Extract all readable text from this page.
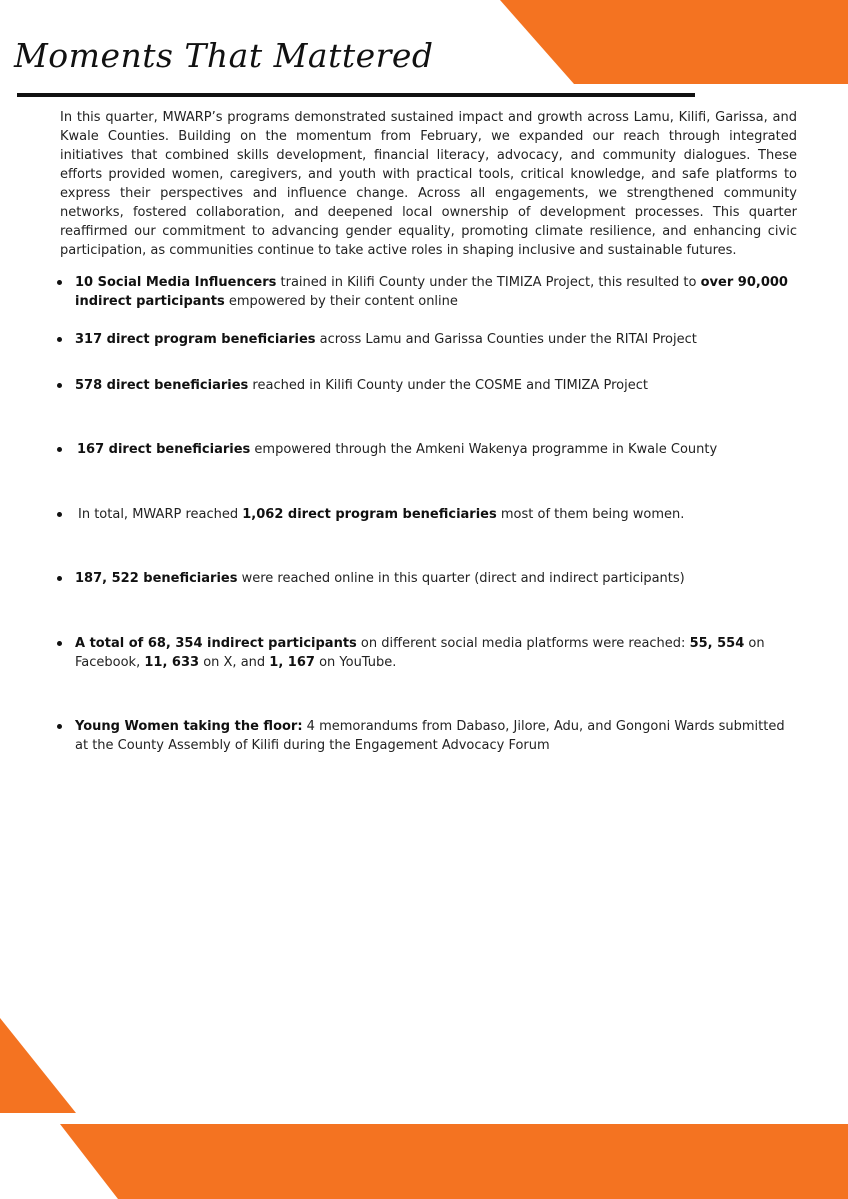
Moments That Mattered

In this quarter, MWARP’s programs demonstrated sustained impact and growth across Lamu, Kilifi, Garissa, and Kwale Counties. Building on the momentum from February, we expanded our reach through integrated initiatives that combined skills development, financial literacy, advocacy, and community dialogues. These efforts provided women, caregivers, and youth with practical tools, critical knowledge, and safe platforms to express their perspectives and influence change. Across all engagements, we strengthened community networks, fostered collaboration, and deepened local ownership of development processes. This quarter reaffirmed our commitment to advancing gender equality, promoting climate resilience, and enhancing civic participation, as communities continue to take active roles in shaping inclusive and sustainable futures.

10 Social Media Influencers trained in Kilifi County under the TIMIZA Project, this resulted to over 90,000 indirect participants empowered by their content online
317 direct program beneficiaries across Lamu and Garissa Counties under the RITAI Project
578 direct beneficiaries reached in Kilifi County under the COSME and TIMIZA Project
167 direct beneficiaries empowered through the Amkeni Wakenya programme in Kwale County
In total, MWARP reached 1,062 direct program beneficiaries most of them being women.
187, 522 beneficiaries were reached online in this quarter (direct and indirect participants)
A total of 68, 354 indirect participants on different social media platforms were reached: 55, 554 on Facebook, 11, 633 on X, and 1, 167 on YouTube.
Young Women taking the floor: 4 memorandums from Dabaso, Jilore, Adu, and Gongoni Wards submitted at the County Assembly of Kilifi during the Engagement Advocacy Forum
